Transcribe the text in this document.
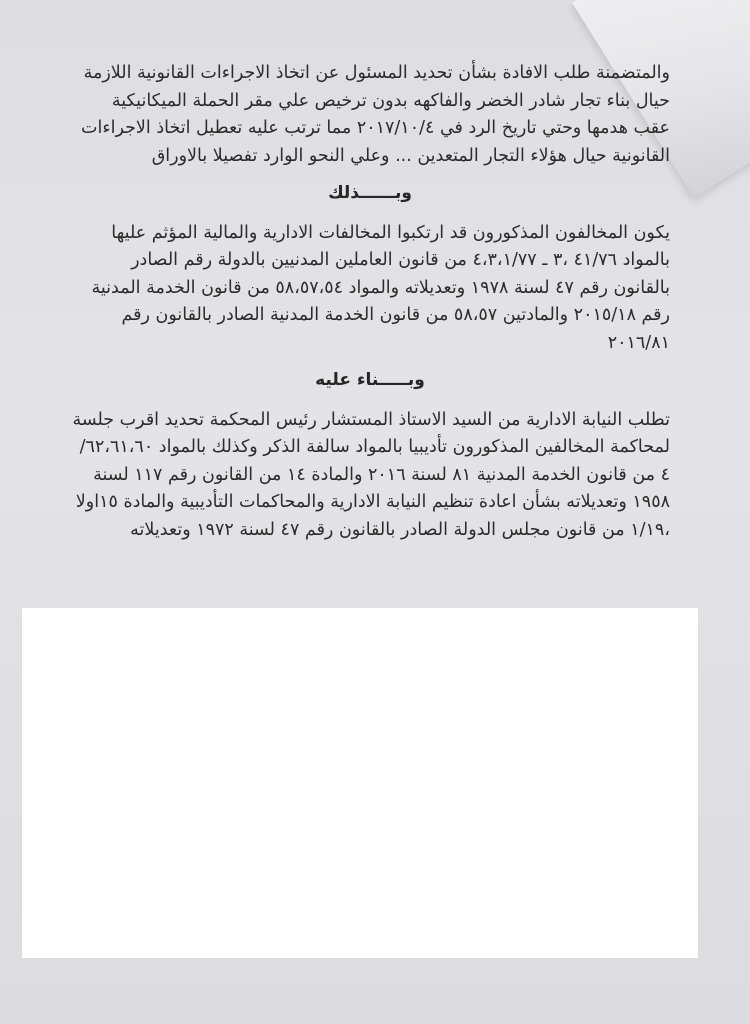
والمتضمنة طلب الافادة بشأن تحديد المسئول عن اتخاذ الاجراءات القانونية اللازمة حيال بناء تجار شادر الخضر والفاكهه بدون ترخيص علي مقر الحملة الميكانيكية عقب هدمها وحتي تاريخ الرد في ٢٠١٧/١٠/٤ مما ترتب عليه تعطيل اتخاذ الاجراءات القانونية حيال هؤلاء التجار المتعدين ... وعلي النحو الوارد تفصيلا بالاوراق

وبــــــذلك

يكون المخالفون المذكورون قد ارتكبوا المخالفات الادارية والمالية المؤثم عليها بالمواد ٤١/٧٦ ،٣ ـ ٤،٣،١/٧٧ من قانون العاملين المدنيين بالدولة رقم الصادر بالقانون رقم ٤٧ لسنة ١٩٧٨ وتعديلاته والمواد ٥٨،٥٧،٥٤ من قانون الخدمة المدنية رقم ٢٠١٥/١٨ والمادتين ٥٨،٥٧ من قانون الخدمة المدنية الصادر بالقانون رقم ٢٠١٦/٨١

وبـــــناء عليه

تطلب النيابة الادارية من السيد الاستاذ المستشار رئيس المحكمة تحديد اقرب جلسة لمحاكمة المخالفين المذكورون تأديبيا بالمواد سالفة الذكر وكذلك بالمواد ٦٢،٦١،٦٠/ ٤ من قانون الخدمة المدنية ٨١ لسنة ٢٠١٦ والمادة ١٤ من القانون رقم ١١٧ لسنة ١٩٥٨ وتعديلاته بشأن اعادة تنظيم النيابة الادارية والمحاكمات التأديبية والمادة ١٥اولا ،١/١٩ من قانون مجلس الدولة الصادر بالقانون رقم ٤٧ لسنة ١٩٧٢ وتعديلاته
